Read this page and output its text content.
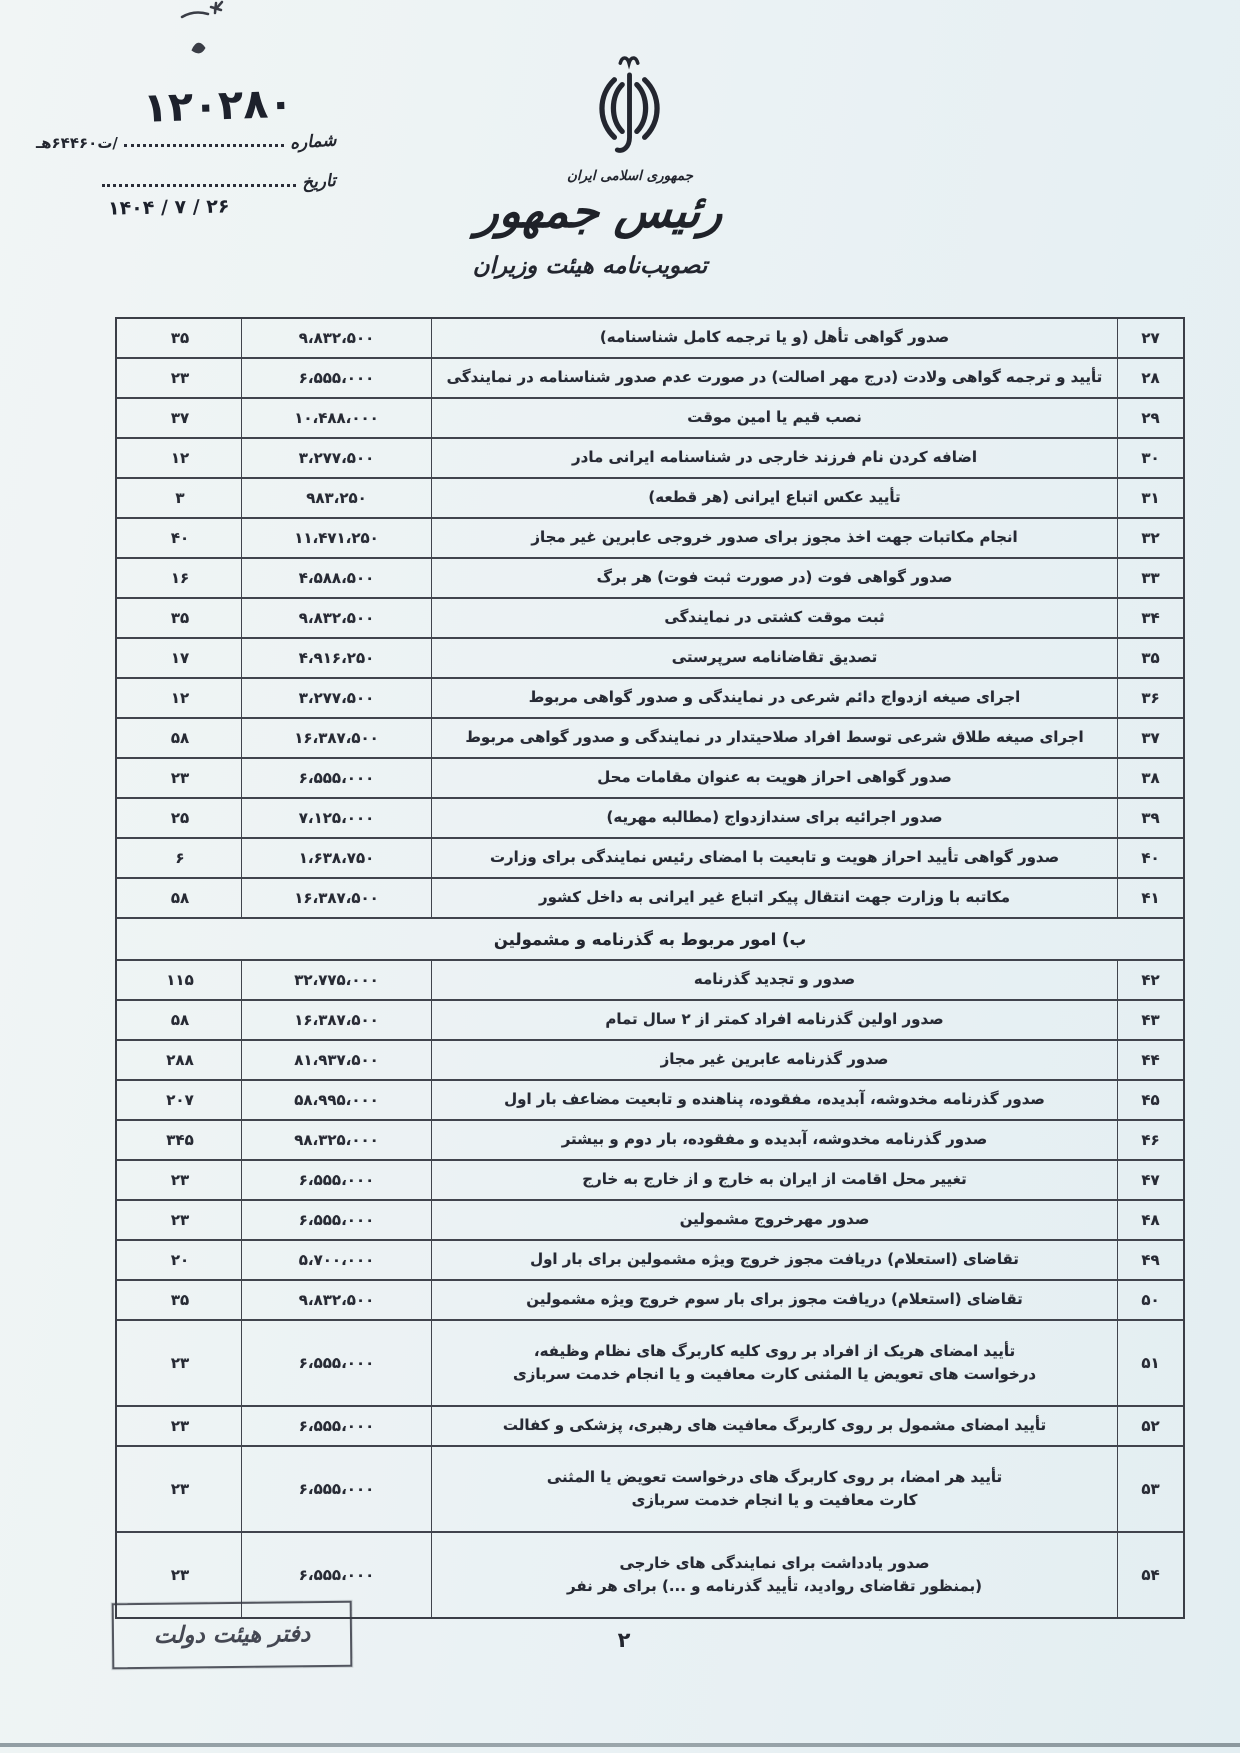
جمهوری اسلامی ایران
رئیس جمهور
تصویب‌نامه هیئت وزیران
۱۲۰۲۸۰
شماره
/ت۶۴۴۶۰هـ
تاریخ
۱۴۰۴ / ۷ / ۲۶
۲۷
صدور گواهی تأهل (و یا ترجمه کامل شناسنامه)
۹،۸۳۲،۵۰۰
۳۵
۲۸
تأیید و ترجمه گواهی ولادت (درج مهر اصالت) در صورت عدم صدور شناسنامه در نمایندگی
۶،۵۵۵،۰۰۰
۲۳
۲۹
نصب قیم یا امین موقت
۱۰،۴۸۸،۰۰۰
۳۷
۳۰
اضافه کردن نام فرزند خارجی در شناسنامه ایرانی مادر
۳،۲۷۷،۵۰۰
۱۲
۳۱
تأیید عکس اتباع ایرانی (هر قطعه)
۹۸۳،۲۵۰
۳
۳۲
انجام مکاتبات جهت اخذ مجوز برای صدور خروجی عابرین غیر مجاز
۱۱،۴۷۱،۲۵۰
۴۰
۳۳
صدور گواهی فوت (در صورت ثبت فوت) هر برگ
۴،۵۸۸،۵۰۰
۱۶
۳۴
ثبت موقت کشتی در نمایندگی
۹،۸۳۲،۵۰۰
۳۵
۳۵
تصدیق تقاضانامه سرپرستی
۴،۹۱۶،۲۵۰
۱۷
۳۶
اجرای صیغه ازدواج دائم شرعی در نمایندگی و صدور گواهی مربوط
۳،۲۷۷،۵۰۰
۱۲
۳۷
اجرای صیغه طلاق شرعی توسط افراد صلاحیتدار در نمایندگی و صدور گواهی مربوط
۱۶،۳۸۷،۵۰۰
۵۸
۳۸
صدور گواهی احراز هویت به عنوان مقامات محل
۶،۵۵۵،۰۰۰
۲۳
۳۹
صدور اجرائیه برای سندازدواج (مطالبه مهریه)
۷،۱۲۵،۰۰۰
۲۵
۴۰
صدور گواهی تأیید احراز هویت و تابعیت با امضای رئیس نمایندگی برای وزارت
۱،۶۳۸،۷۵۰
۶
۴۱
مکاتبه با وزارت جهت انتقال پیکر اتباع غیر ایرانی به داخل کشور
۱۶،۳۸۷،۵۰۰
۵۸
ب) امور مربوط به گذرنامه و مشمولین
۴۲
صدور و تجدید گذرنامه
۳۲،۷۷۵،۰۰۰
۱۱۵
۴۳
صدور اولین گذرنامه افراد کمتر از ۲ سال تمام
۱۶،۳۸۷،۵۰۰
۵۸
۴۴
صدور گذرنامه عابرین غیر مجاز
۸۱،۹۳۷،۵۰۰
۲۸۸
۴۵
صدور گذرنامه مخدوشه، آبدیده، مفقوده، پناهنده و تابعیت مضاعف بار اول
۵۸،۹۹۵،۰۰۰
۲۰۷
۴۶
صدور گذرنامه مخدوشه، آبدیده و مفقوده، بار دوم و بیشتر
۹۸،۳۲۵،۰۰۰
۳۴۵
۴۷
تغییر محل اقامت از ایران به خارج و از خارج به خارج
۶،۵۵۵،۰۰۰
۲۳
۴۸
صدور مهرخروج مشمولین
۶،۵۵۵،۰۰۰
۲۳
۴۹
تقاضای (استعلام) دریافت مجوز خروج ویژه مشمولین برای بار اول
۵،۷۰۰،۰۰۰
۲۰
۵۰
تقاضای (استعلام) دریافت مجوز برای بار سوم خروج ویژه مشمولین
۹،۸۳۲،۵۰۰
۳۵
۵۱
تأیید امضای هریک از افراد بر روی کلیه کاربرگ های نظام وظیفه،
درخواست های تعویض یا المثنی کارت معافیت و یا انجام خدمت سربازی
۶،۵۵۵،۰۰۰
۲۳
۵۲
تأیید امضای مشمول بر روی کاربرگ معافیت های رهبری، پزشکی و کفالت
۶،۵۵۵،۰۰۰
۲۳
۵۳
تأیید هر امضا، بر روی کاربرگ های درخواست تعویض یا المثنی
کارت معافیت و یا انجام خدمت سربازی
۶،۵۵۵،۰۰۰
۲۳
۵۴
صدور یادداشت برای نمایندگی های خارجی
(بمنظور تقاضای روادید، تأیید گذرنامه و ...) برای هر نفر
۶،۵۵۵،۰۰۰
۲۳
دفتر هیئت دولت	۲
